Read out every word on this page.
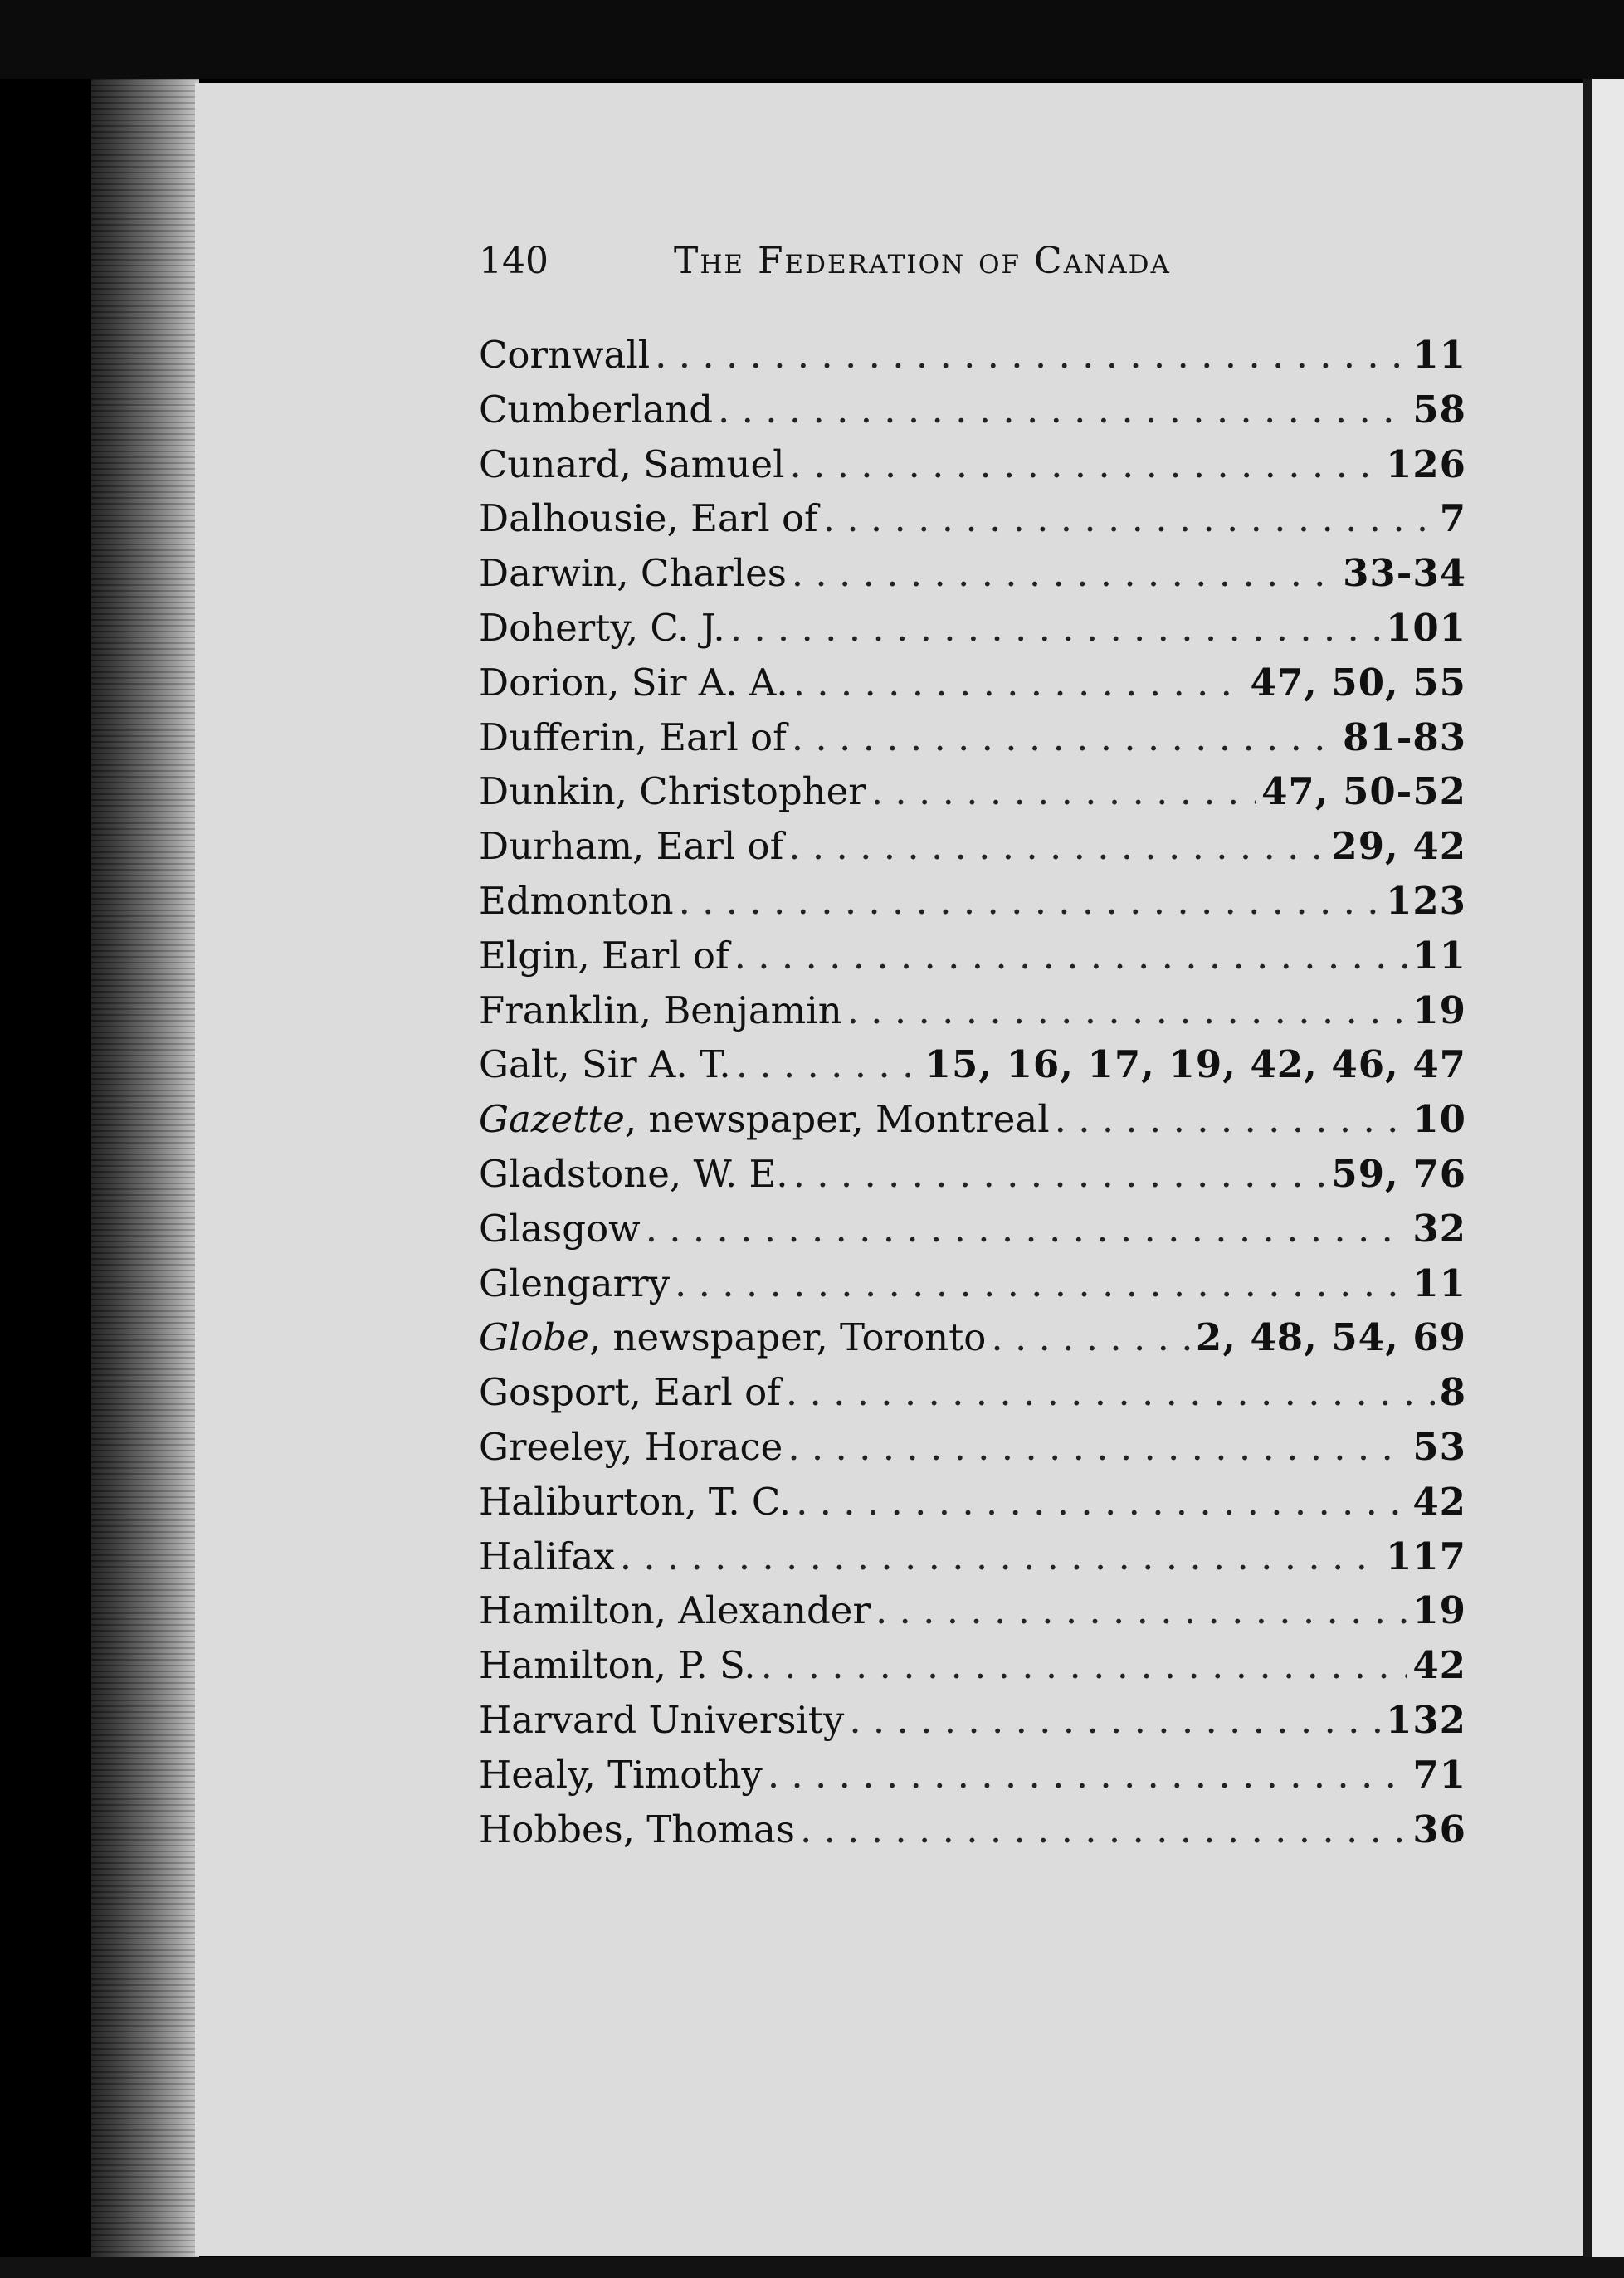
140	The Federation of Canada
Cornwall . . .	11
Cumberland . . .	58
Cunard, Samuel . . .	126
Dalhousie, Earl of . . .	7
Darwin, Charles . . .	33-34
Doherty, C. J. . . .	101
Dorion, Sir A. A. . . .	47, 50, 55
Dufferin, Earl of . . .	81-83
Dunkin, Christopher . . .	47, 50-52
Durham, Earl of . . .	29, 42
Edmonton . . .	123
Elgin, Earl of . . .	11
Franklin, Benjamin . . .	19
Galt, Sir A. T. . . .	15, 16, 17, 19, 42, 46, 47
Gazette, newspaper, Montreal . . .	10
Gladstone, W. E. . . .	59, 76
Glasgow . . .	32
Glengarry . . .	11
Globe, newspaper, Toronto . . .	2, 48, 54, 69
Gosport, Earl of . . .	8
Greeley, Horace . . .	53
Haliburton, T. C. . . .	42
Halifax . . .	117
Hamilton, Alexander . . .	19
Hamilton, P. S. . . .	42
Harvard University . . .	132
Healy, Timothy . . .	71
Hobbes, Thomas . . .	36
